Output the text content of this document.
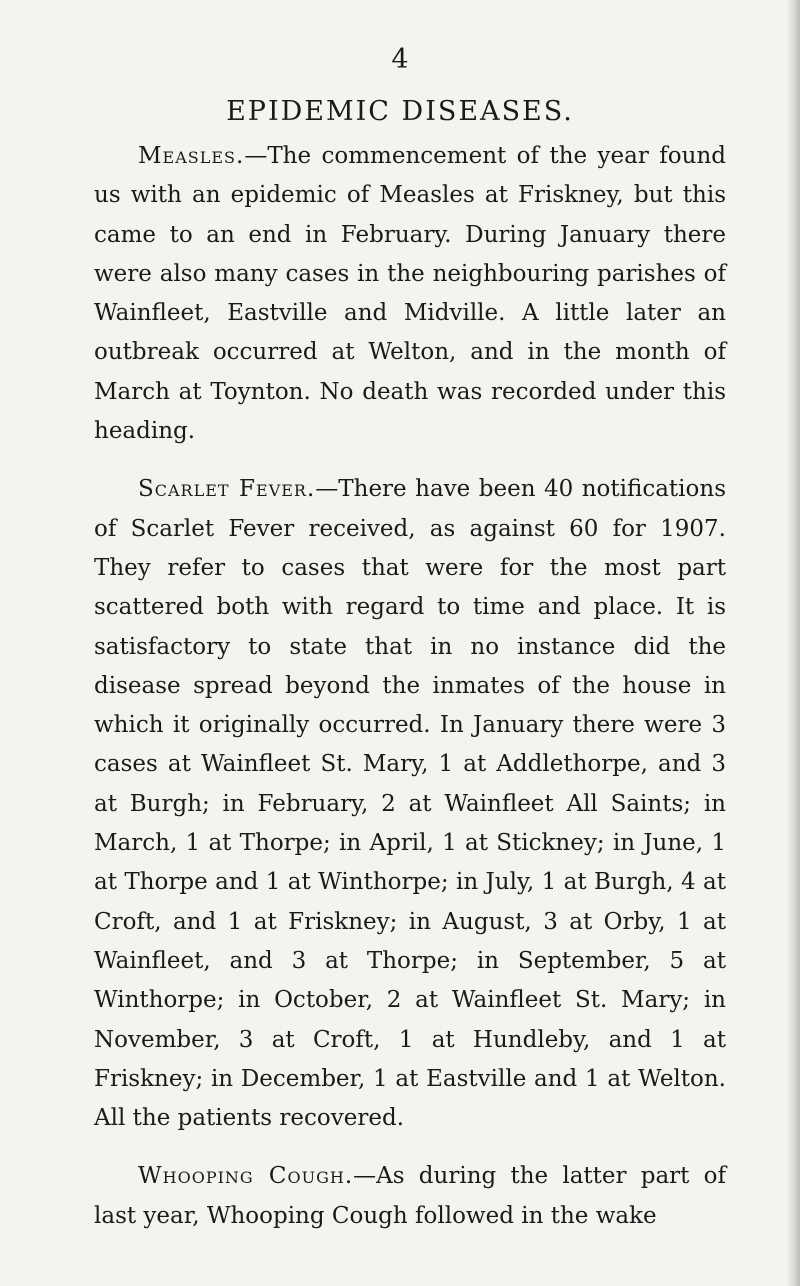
4
EPIDEMIC DISEASES.

Measles.—The commencement of the year found us with an epidemic of Measles at Friskney, but this came to an end in February. During January there were also many cases in the neighbouring parishes of Wainfleet, Eastville and Midville. A little later an outbreak occurred at Welton, and in the month of March at Toynton. No death was recorded under this heading.

Scarlet Fever.—There have been 40 notifications of Scarlet Fever received, as against 60 for 1907. They refer to cases that were for the most part scattered both with regard to time and place. It is satisfactory to state that in no instance did the disease spread beyond the inmates of the house in which it originally occurred. In January there were 3 cases at Wainfleet St. Mary, 1 at Addlethorpe, and 3 at Burgh; in February, 2 at Wainfleet All Saints; in March, 1 at Thorpe; in April, 1 at Stickney; in June, 1 at Thorpe and 1 at Winthorpe; in July, 1 at Burgh, 4 at Croft, and 1 at Friskney; in August, 3 at Orby, 1 at Wainfleet, and 3 at Thorpe; in September, 5 at Winthorpe; in October, 2 at Wainfleet St. Mary; in November, 3 at Croft, 1 at Hundleby, and 1 at Friskney; in December, 1 at Eastville and 1 at Welton. All the patients recovered.

Whooping Cough.—As during the latter part of last year, Whooping Cough followed in the wake
